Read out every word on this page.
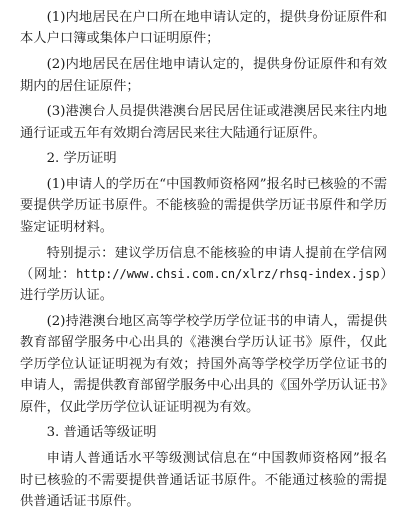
(1)内地居民在户口所在地申请认定的，提供身份证原件和本人户口簿或集体户口证明原件；

(2)内地居民在居住地申请认定的，提供身份证原件和有效期内的居住证原件；

(3)港澳台人员提供港澳台居民居住证或港澳居民来往内地通行证或五年有效期台湾居民来往大陆通行证原件。

2. 学历证明

(1)申请人的学历在“中国教师资格网”报名时已核验的不需要提供学历证书原件。不能核验的需提供学历证书原件和学历鉴定证明材料。

特别提示：建议学历信息不能核验的申请人提前在学信网（网址：http://www.chsi.com.cn/xlrz/rhsq-index.jsp）进行学历认证。

(2)持港澳台地区高等学校学历学位证书的申请人，需提供教育部留学服务中心出具的《港澳台学历认证书》原件，仅此学历学位认证证明视为有效；持国外高等学校学历学位证书的申请人，需提供教育部留学服务中心出具的《国外学历认证书》原件，仅此学历学位认证证明视为有效。

3. 普通话等级证明

申请人普通话水平等级测试信息在“中国教师资格网”报名时已核验的不需要提供普通话证书原件。不能通过核验的需提供普通话证书原件。
